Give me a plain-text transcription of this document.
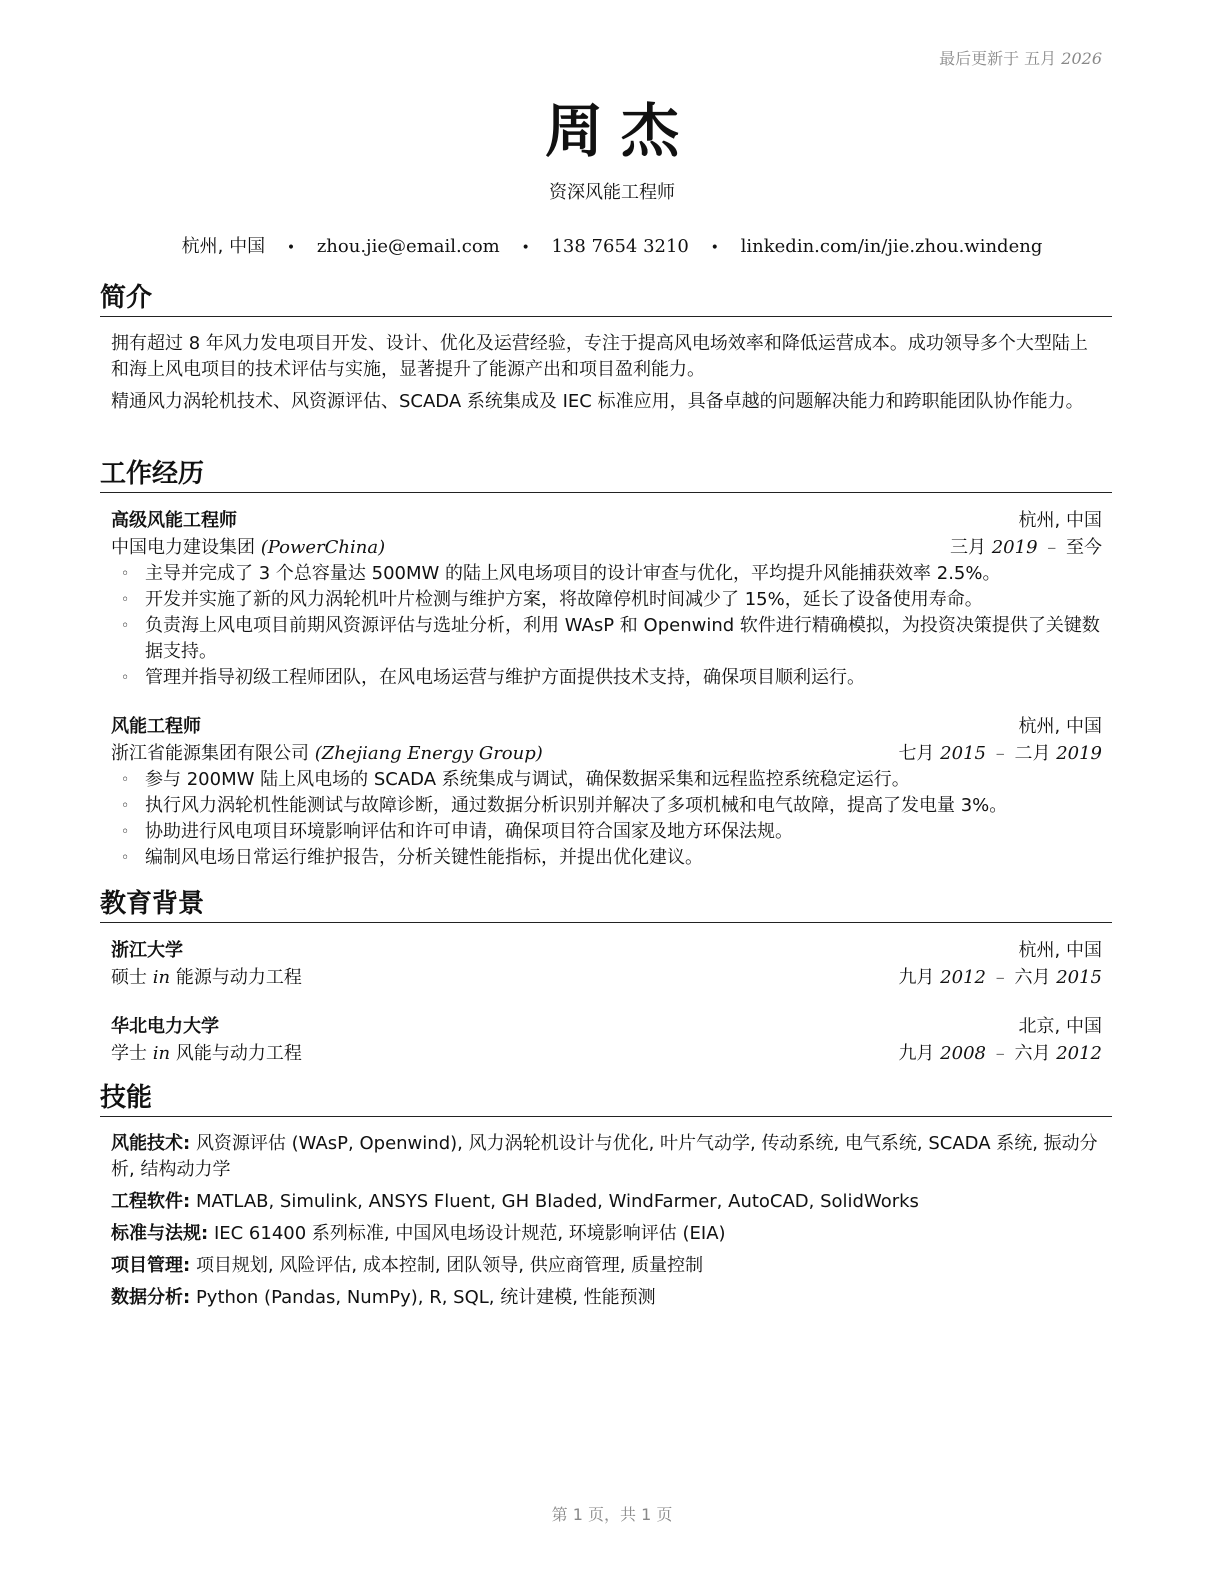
最后更新于 五月 2026
周杰
资深风能工程师
杭州, 中国 • zhou.jie@email.com • 138 7654 3210 • linkedin.com/in/jie.zhou.windeng
简介

拥有超过 8 年风力发电项目开发、设计、优化及运营经验，专注于提高风电场效率和降低运营成本。成功领导多个大型陆上和海上风电项目的技术评估与实施，显著提升了能源产出和项目盈利能力。

精通风力涡轮机技术、风资源评估、SCADA 系统集成及 IEC 标准应用，具备卓越的问题解决能力和跨职能团队协作能力。

工作经历
高级风能工程师	杭州, 中国
中国电力建设集团 (PowerChina)	三月 2019 – 至今
◦ 主导并完成了 3 个总容量达 500MW 的陆上风电场项目的设计审查与优化，平均提升风能捕获效率 2.5%。
◦ 开发并实施了新的风力涡轮机叶片检测与维护方案，将故障停机时间减少了 15%，延长了设备使用寿命。
◦ 负责海上风电项目前期风资源评估与选址分析，利用 WAsP 和 Openwind 软件进行精确模拟，为投资决策提供了关键数据支持。
◦ 管理并指导初级工程师团队，在风电场运营与维护方面提供技术支持，确保项目顺利运行。
风能工程师	杭州, 中国
浙江省能源集团有限公司 (Zhejiang Energy Group)	七月 2015 – 二月 2019
◦ 参与 200MW 陆上风电场的 SCADA 系统集成与调试，确保数据采集和远程监控系统稳定运行。
◦ 执行风力涡轮机性能测试与故障诊断，通过数据分析识别并解决了多项机械和电气故障，提高了发电量 3%。
◦ 协助进行风电项目环境影响评估和许可申请，确保项目符合国家及地方环保法规。
◦ 编制风电场日常运行维护报告，分析关键性能指标，并提出优化建议。
教育背景
浙江大学	杭州, 中国
硕士 in 能源与动力工程	九月 2012 – 六月 2015
华北电力大学	北京, 中国
学士 in 风能与动力工程	九月 2008 – 六月 2012
技能
风能技术: 风资源评估 (WAsP, Openwind), 风力涡轮机设计与优化, 叶片气动学, 传动系统, 电气系统, SCADA 系统, 振动分析, 结构动力学
工程软件: MATLAB, Simulink, ANSYS Fluent, GH Bladed, WindFarmer, AutoCAD, SolidWorks
标准与法规: IEC 61400 系列标准, 中国风电场设计规范, 环境影响评估 (EIA)
项目管理: 项目规划, 风险评估, 成本控制, 团队领导, 供应商管理, 质量控制
数据分析: Python (Pandas, NumPy), R, SQL, 统计建模, 性能预测
第 1 页，共 1 页
